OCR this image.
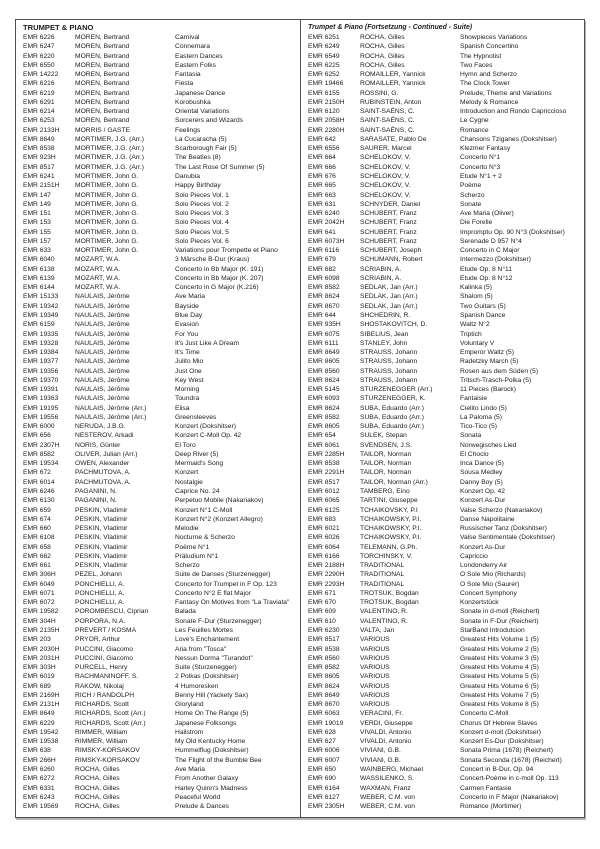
TRUMPET & PIANO
EMR 6226	MOREN, Bertrand	Carnival
EMR 6247	MOREN, Bertrand	Connemara
EMR 6220	MOREN, Bertrand	Eastern Dances
EMR 6550	MOREN, Bertrand	Eastern Folks
EMR 14222	MOREN, Bertrand	Fantasia
EMR 6216	MOREN, Bertrand	Fiesta
EMR 6219	MOREN, Bertrand	Japanese Dance
EMR 6291	MOREN, Bertrand	Korobushka
EMR 6214	MOREN, Bertrand	Oriental Variations
EMR 6253	MOREN, Bertrand	Sorcerers and Wizards
EMR 2133H	MORRIS / GASTE	Feelings
EMR 8649	MORTIMER, J.G. (Arr.)	La Cucaracha (5)
EMR 8538	MORTIMER, J.G. (Arr.)	Scarborough Fair (5)
EMR 923H	MORTIMER, J.G. (Arr.)	The Beatles (8)
EMR 8517	MORTIMER, J.G. (Arr.)	The Last Rose Of Summer (5)
EMR 6241	MORTIMER, John G.	Danubia
EMR 2151H	MORTIMER, John G.	Happy Birthday
EMR 147	MORTIMER, John G.	Solo Pieces Vol. 1
EMR 149	MORTIMER, John G.	Solo Pieces Vol. 2
EMR 151	MORTIMER, John G.	Solo Pieces Vol. 3
EMR 153	MORTIMER, John G.	Solo Pieces Vol. 4
EMR 155	MORTIMER, John G.	Solo Pieces Vol. 5
EMR 157	MORTIMER, John G.	Solo Pieces Vol. 6
EMR 633	MORTIMER, John G.	Variations pour Trompette et Piano
EMR 6040	MOZART, W.A.	3 Märsche B-Dur (Kraus)
EMR 6138	MOZART, W.A.	Concerto in Bb Major (K. 191)
EMR 6139	MOZART, W.A.	Concerto in Bb Major (K. 207)
EMR 6144	MOZART, W.A.	Concerto in G Major (K.216)
EMR 15133	NAULAIS, Jérôme	Ave Maria
EMR 19342	NAULAIS, Jérôme	Bayside
EMR 19349	NAULAIS, Jérôme	Blue Day
EMR 6159	NAULAIS, Jérôme	Evasion
EMR 19335	NAULAIS, Jérôme	For You
EMR 19328	NAULAIS, Jérôme	It's Just Like A Dream
EMR 19384	NAULAIS, Jérôme	It's Time
EMR 19377	NAULAIS, Jérôme	Julito Mio
EMR 19356	NAULAIS, Jérôme	Just One
EMR 19370	NAULAIS, Jérôme	Key West
EMR 19391	NAULAIS, Jérôme	Morning
EMR 19363	NAULAIS, Jérôme	Toundra
EMR 19195	NAULAIS, Jérôme (Arr.)	Elisa
EMR 19556	NAULAIS, Jérôme (Arr.)	Greensleeves
EMR 6000	NERUDA, J.B.G.	Konzert (Dokshitser)
EMR 656	NESTEROV, Arkadi	Konzert C-Moll Op. 42
EMR 2307H	NORIS, Günter	El Toro
EMR 8582	OLIVER, Julian (Arr.)	Deep River (5)
EMR 19534	OWEN, Alexander	Mermaid's Song
EMR 672	PACHMUTOVA, A.	Konzert
EMR 6014	PACHMUTOVA, A.	Nostalgie
EMR 6246	PAGANINI, N.	Caprice No. 24
EMR 6130	PAGANINI, N.	Perpetuo Mobile (Nakariakov)
EMR 659	PESKIN, Vladimir	Konzert N°1 C-Moll
EMR 674	PESKIN, Vladimir	Konzert N°2 (Konzert Allegro)
EMR 660	PESKIN, Vladimir	Melodie
EMR 6108	PESKIN, Vladimir	Nocturne & Scherzo
EMR 658	PESKIN, Vladimir	Poème N°1
EMR 662	PESKIN, Vladimir	Präludium N°1
EMR 661	PESKIN, Vladimir	Scherzo
EMR 306H	PEZEL, Johann	Suite de Danses (Sturzenegger)
EMR 6049	PONCHIELLI, A.	Concerto for Trumpet in F Op. 123
EMR 6071	PONCHIELLI, A.	Concerto N°2 E flat Major
EMR 6072	PONCHIELLI, A.	Fantasy On Motives from "La Traviata"
EMR 19582	POROMBESCU, Ciprian	Balada
EMR 304H	PORPORA, N.A.	Sonate F-Dur (Sturzenegger)
EMR 2135H	PREVERT / KOSMA	Les Feuilles Mortes
EMR 203	PRYOR, Arthur	Love's Enchantement
EMR 2030H	PUCCINI, Giacomo	Aria from "Tosca"
EMR 2031H	PUCCINI, Giacomo	Nessun Dorma "Turandot"
EMR 303H	PURCELL, Henry	Suite (Sturzenegger)
EMR 6019	RACHMANINOFF, S.	2 Polkas (Dokshitser)
EMR 689	RAKOW, Nikolaj	4 Humoresken
EMR 2169H	RICH / RANDOLPH	Benny Hill (Yackety Sax)
EMR 2131H	RICHARDS, Scott	Gloryland
EMR 8649	RICHARDS, Scott (Arr.)	Home On The Range (5)
EMR 6229	RICHARDS, Scott (Arr.)	Japanese Folksongs
EMR 19542	RIMMER, William	Hailstrom
EMR 19538	RIMMER, William	My Old Kentucky Home
EMR 638	RIMSKY-KORSAKOV	Hummelflug (Dokshitser)
EMR 266H	RIMSKY-KORSAKOV	The Flight of the Bumble Bee
EMR 6260	ROCHA, Gilles	Ave Maria
EMR 6272	ROCHA, Gilles	From Another Galaxy
EMR 6331	ROCHA, Gilles	Harley Quinn's Madness
EMR 6243	ROCHA, Gilles	Peaceful World
EMR 19569	ROCHA, Gilles	Prelude & Dances
Trumpet & Piano (Fortsetzung - Continued - Suite)
EMR 6251	ROCHA, Gilles	Showpieces Variations
EMR 6249	ROCHA, Gilles	Spanish Concertino
EMR 6549	ROCHA, Gilles	The Hypnotist
EMR 6225	ROCHA, Gilles	Two Faces
EMR 6252	ROMAILLER, Yannick	Hymn and Scherzo
EMR 19466	ROMAILLER, Yannick	The Clock Tower
EMR 6155	ROSSINI, G.	Prelude, Theme and Variations
EMR 2150H	RUBINSTEIN, Anton	Melody & Romance
EMR 6120	SAINT-SAËNS, C.	Introduction and Rondo Capriccioso
EMR 2058H	SAINT-SAËNS, C.	Le Cygne
EMR 2280H	SAINT-SAËNS, C.	Romance
EMR 642	SARASATE, Pablo De	Chansons Tziganes (Dokshitser)
EMR 6556	SAURER, Marcel	Klezmer Fantasy
EMR 664	SCHELOKOV, V.	Concerto N°1
EMR 666	SCHELOKOV, V.	Concerto N°3
EMR 676	SCHELOKOV, V.	Etude N°1 + 2
EMR 665	SCHELOKOV, V.	Poème
EMR 663	SCHELOKOV, V.	Scherzo
EMR 631	SCHNYDER, Daniel	Sonate
EMR 6240	SCHUBERT, Franz	Ave Maria (Oliver)
EMR 2042H	SCHUBERT, Franz	Die Forelle
EMR 641	SCHUBERT, Franz	Impromptu Op. 90 N°3 (Dokshitser)
EMR 6073H	SCHUBERT, Franz	Serenade D 957 N°4
EMR 6116	SCHUBERT, Joseph	Concerto in C Major
EMR 679	SCHUMANN, Robert	Intermezzo (Dokshitser)
EMR 682	SCRIABIN, A.	Etude Op. 8 N°11
EMR 6098	SCRIABIN, A.	Etude Op. 8 N°12
EMR 8582	SEDLAK, Jan (Arr.)	Kalinka (5)
EMR 8624	SEDLAK, Jan (Arr.)	Shalom (5)
EMR 8670	SEDLAK, Jan (Arr.)	Two Guitars (5)
EMR 644	SHCHEDRIN, R.	Spanish Dance
EMR 935H	SHOSTAKOVITCH, D.	Waltz N°2
EMR 6075	SIBELIUS, Jean	Triptich
EMR 6111	STANLEY, John	Voluntary V
EMR 8649	STRAUSS, Johann	Emperor Waltz (5)
EMR 8605	STRAUSS, Johann	Radetzky March (5)
EMR 8560	STRAUSS, Johann	Rosen aus dem Süden (5)
EMR 8624	STRAUSS, Johann	Tritsch-Trasch-Polka (5)
EMR 5145	STURZENEGGER (Arr.)	11 Pieces (Barock)
EMR 6093	STURZENEGGER, K.	Fantaisie
EMR 8624	SUBA, Eduardo (Arr.)	Cielito Lindo (5)
EMR 8582	SUBA, Eduardo (Arr.)	La Paloma (5)
EMR 8605	SUBA, Eduardo (Arr.)	Tico-Tico (5)
EMR 654	SULEK, Stepan	Sonata
EMR 6061	SVENDSEN, J.S.	Norwegisches Lied
EMR 2285H	TAILOR, Norman	El Choclo
EMR 8538	TAILOR, Norman	Inca Dance (5)
EMR 2291H	TAILOR, Norman	Sousa Medley
EMR 8517	TAILOR, Norman (Arr.)	Danny Boy (5)
EMR 6012	TAMBERG, Eino	Konzert Op. 42
EMR 6065	TARTINI, Giuseppe	Konzert As-Dur
EMR 6125	TCHAIKOVSKY, P.I	Valse Scherzo (Nakariakov)
EMR 683	TCHAIKOWSKY, P.I.	Danse Napolitaine
EMR 6021	TCHAIKOWSKY, P.I.	Russischer Tanz (Dokshitser)
EMR 6026	TCHAIKOWSKY, P.I.	Valse Sentimentale (Dokshitser)
EMR 6064	TELEMANN, G.Ph.	Konzert As-Dur
EMR 6166	TORCHINSKY, V.	Capriccio
EMR 2188H	TRADITIONAL	Londonderry Air
EMR 2290H	TRADITIONAL	O Sole Mio (Richards)
EMR 2293H	TRADITIONAL	O Sole Mio (Saurer)
EMR 671	TROTSUK, Bogdan	Concert Symphony
EMR 670	TROTSUK, Bogdan	Konzertstück
EMR 609	VALENTINO, R.	Sonate in d-moll (Reichert)
EMR 610	VALENTINO, R.	Sonate in F-Dur (Reichert)
EMR 6230	VALTA, Jan	StarBand Introdutcion
EMR 8517	VARIOUS	Greatest Hits Volume 1 (5)
EMR 8538	VARIOUS	Greatest Hits Volume 2 (5)
EMR 8560	VARIOUS	Greatest Hits Volume 3 (5)
EMR 8582	VARIOUS	Greatest Hits Volume 4 (5)
EMR 8605	VARIOUS	Greatest Hits Volume 5 (5)
EMR 8624	VARIOUS	Greatest Hits Volume 6 (5)
EMR 8649	VARIOUS	Greatest Hits Volume 7 (5)
EMR 8670	VARIOUS	Greatest Hits Volume 8 (5)
EMR 6063	VERACINI, Fr.	Concerto C-Moll
EMR 19019	VERDI, Giuseppe	Chorus Of Hebrew Slaves
EMR 628	VIVALDI, Antonio	Konzert d-moll (Dokshitser)
EMR 627	VIVALDI, Antonio	Konzert Es-Dur (Dokshitser)
EMR 6006	VIVIANI, G.B.	Sonata Prima (1678) (Reichert)
EMR 6007	VIVIANI, G.B.	Sonata Seconda (1678) (Reichert)
EMR 650	WAINBERG, Michael	Concert in B-Dur, Op. 94
EMR 690	WASSILENKO, S.	Concert-Poème in c-moll Op. 113
EMR 6164	WAXMAN, Franz	Carmen Fantasie
EMR 6127	WEBER, C.M. von	Concerto in F Major (Nakariakov)
EMR 2305H	WEBER, C.M. von	Romance (Mortimer)
